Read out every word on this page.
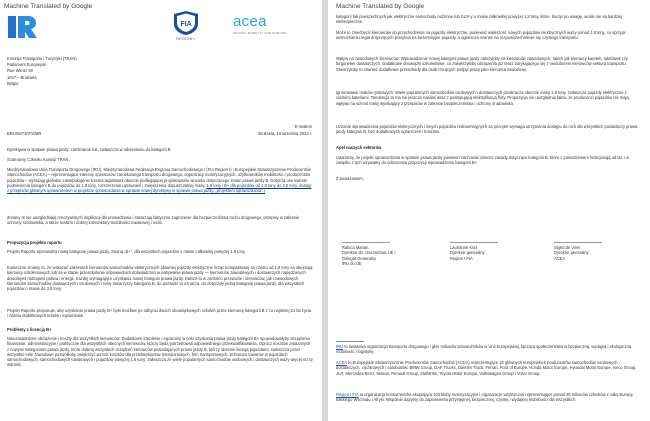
Machine Translated by Google
FIA
REGION I
acea
DRIVING MOBILITY FOR EUROPE

Komisja Transportu i Turystyki (TRAN)

Parlament Europejski

Rue Wiertz 60

1047 – Bruksela

Belgia

E-mailem
BR105073/ITS/MR	Bruksela, 13 września 2023 r.
Dyrektywa w sprawie prawa jazdy: zamknięcie luk, zwłaszcza w odniesieniu do kategorii B
Szanowny Członku Komisji TRAN,
Międzynarodowa Unia Transportu Drogowego (IRU), Międzynarodowa Federacja Regionu Samochodowego I (FIA Region I) i Europejskie Stowarzyszenie Producentów Samochodów (ACEA) – reprezentujące interesy operatorów zarobkowego transportu drogowego, organizacji motoryzacyjnych, użytkowników mobilności i producentów pojazdów – wyrażają głębokie zaniepokojenie trzema aspektami obecnie podlegającej projektowaniu wniosku dotyczącego zmian prawa jazdy B. Dotyczą one kwestii podniesienia kategorii B do pojazdów do 1,8 tony, rozszerzenia uprawnień i zwiększenia dopuszczalnej masy. 1,8 tony i B+ dla pojazdów od 1,8 tony do 3,5 tony, dostęp z przepisów głównym uprawnieniem w projekcie sprawozdania w sprawie nowej dyrektywy w sprawie prawa jazdy, „projektem sprawozdania".)
Zmiany te nie uwzględniają rzeczywistych implikacji dla prowadzenia i stwarzają faktyczne zagrożenie dla bezpieczeństwa ruchu drogowego, przepisy w zakresie ochrony środowiska, a także realizm i dobrej koniunktury mobilności towarowej i osób.
Propozycja projektu raportu
Projekt Raportu wprowadza nową kategorię prawa jazdy, zwaną „B+", dla wszystkich pojazdów o masie całkowitej powyżej 1,8 tony.
Konieczne zmiany to, że wskazać zakresach kierowców samochodów elektrycznych (dawniej pojazdy elektryczne licząc kompaktowej są często od 1,8 tony są obejmują kierowcy szkoleniowych lub są w stanie przeszkolenie odpowiednich doświadczeń w nabywanie prawa jazdy — kierowców zawodowych i dostawczych napędzanych dowolnymi rodzajami paliwa i energii. Każdej wymagające uzyskania nowej kategorii prawa jazdy. Dalsze to w zarówno przewozie i kierowców, jak i zawodowych kierowców samochodów dostawczych i osobowych i rosły towarzyszy kategoria B, do pozwolić to oznacza, do dotyczyły jedną kategorię prawa jazdy, dla wszystkich pojazdów o masie do 3,5 tony.
Projekt Raportu proponuje, aby uzyskanie prawa jazdy B+ było możliwe po odbyciu dwóch obowiązkowych szkoleń przez kierowcę kategorii B z co najmniej 21 lat życia i zdaniu dodatkowych testów i egzaminów.
Problemy z licencją B+
Nieuzasadnione obciążenie i koszty dla wszystkich kierowców: Dodatkowe szkolenie i egzaminy w celu uzyskania prawa jazdy kategorii B+ spowodowałyby obciążenia finansowe, administracyjne i praktyczne dla wszystkich obecnych kierowców, którzy będą potrzebowali odpowiedniego przekwalifikowania. Oprócz kosztów zwiazanych z nowymi kategoriami prawa jazdy, które dotkną wszystkich urządzeń kierowców posiadających prawo jazdy B, którzy obecnie kierują pojazdami, zwłaszcza przez wszystkie cele zawodowe pozwoliłoby zwiększyć wzrost kosztów dla przedsiębiorstw transportowych, firm transportowych, przewozu towarów w pojazdach samochodowych, samochodowych towarowych i pojazdów powyżej 1,8 tony; zwłaszcza że wiele popularnych samochodów osobowych i dostawczych waży więcej niż tę wartość.
Machine Translated by Google
kategorii tak powszechnych jak elektryczne samochody rodzinne lub SUV-y o masie całkowitej powyżej 1,8 tony, które, biorąc po uwagę, wcale nie są bardziej niebezpieczne.
Może to zniechęcić kierowców do przechodzenia na pojazdy elektryczne, ponieważ większość nowych pojazdów elektrycznych waży ponad 1,8 tony, co sprzyja wzmocnieniu reguł dotyczących przejścia na bezemisyjne pojazdy, a ogranicza szanse na rozpowszechnienie się czystego transportu.
Wpływ na zawodowych kierowców: Wprowadzenie nowej kategorii prawa jazdy nałożyłoby na kierowców zawodowych, takich jak kierowcy karetek, taksówek czy furgonetek dostawczych, dodatkowe obowiązki szkoleniowe, co zwiększyłoby obciążenia już teraz borykającego się z niedoborem kierowców sektora transportu. Stworzyłoby to również dodatkowe przeszkody dla osób chcących podjąć pracę jako kierowca zawodowy.
Ignorowanie realiów rynkowych: Wiele popularnych samochodów osobowych i dostawczych przekracza obecnie masę 1,8 tony, zwłaszcza pojazdy elektryczne z ciężkimi bateriami. Tendencja ta ma się jeszcze nasilać wraz z postępującą elektryfikacją floty. Propozycja nie uwzględnia faktu, że producenci pojazdów nie mają wpływu na wzrost masy wynikający z przepisów w zakresie bezpieczeństwa i ochrony środowiska.
Uznanie wprowadzenia pojazdów elektrycznych i innych pojazdów niskoemisyjnych za priorytet wymaga utrzymania dostępu do nich dla wszystkich posiadaczy prawa jazdy kategorii B, bez dodatkowych ograniczeń i kosztów.
Apel naszych sektorów
Uważamy, że projekt sprawozdania w sprawie prawa jazdy powinien zachować obecne zasady dotyczące kategorii B, które z powodzeniem funkcjonują od lat, i w związku z tym wzywamy do odrzucenia propozycji wprowadzenia kategorii B+.
Z poważaniem,
Raluca Marian
Dyrektor ds. rzecznictwa UE i Delegat Generalny
IRU do UE
Laurianne Krid
Dyrektor generalny
Region I FIA
Sigrid de Vries
Dyrektor generalny
ACEA
IRU to światowa organizacja transportu drogowego i głos milionów przewoźników w Unii Europejskiej, łącząca społeczeństwa w bezpieczną, wydajną i ekologiczną mobilność i logistykę.
ACEA to Europejskie Stowarzyszenie Producentów Samochodów (ACEA) reprezentujące 16 głównych europejskich producentów samochodów osobowych, dostawczych, ciężarowych i autobusów: BMW Group, DAF Trucks, Daimler Truck, Ferrari, Ford of Europe, Honda Motor Europe, Hyundai Motor Europe, Iveco Group, JLR, Mercedes-Benz, Nissan, Renault Group, Stellantis, Toyota Motor Europe, Volkswagen Group i Volvo Group.
Region I FIA to organizacja konsumencka skupiająca 103 kluby motoryzacyjne i organizacje turystyczne reprezentujące ponad 36 milionów członków z całej Europy, Bliskiego Wschodu i Afryki. Wspólnie dążymy do zapewnienia przystępnej, bezpiecznej, czystej i wydajnej mobilności dla wszystkich.
